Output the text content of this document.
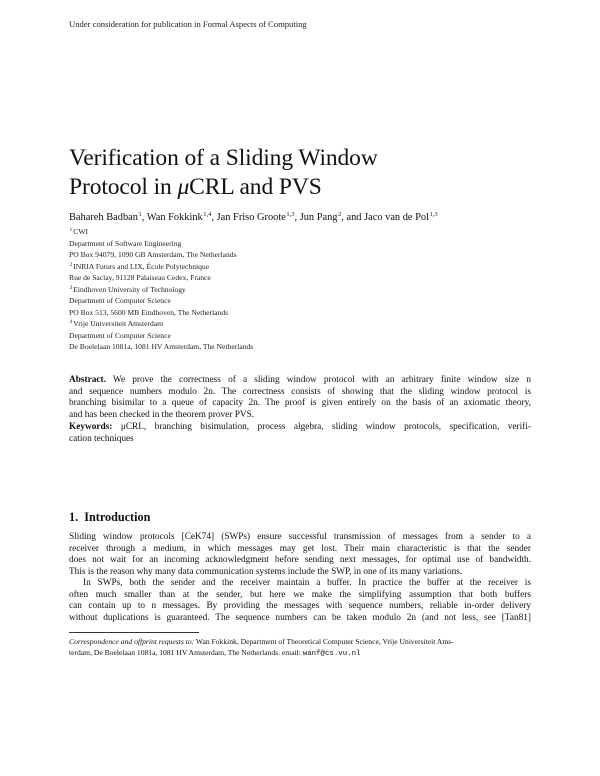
Under consideration for publication in Formal Aspects of Computing
Verification of a Sliding Window
Protocol in μCRL and PVS
Bahareh Badban$^1$, Wan Fokkink$^{1,4}$, Jan Friso Groote$^{1,3}$, Jun Pang$^2$, and Jaco van de Pol$^{1,3}$
$^1$CWI
Department of Software Engineering
PO Box 94079, 1090 GB Amsterdam, The Netherlands
$^2$INRIA Futurs and LIX, École Polytechnique
Rue de Saclay, 91128 Palaiseau Cedex, France
$^3$Eindhoven University of Technology
Department of Computer Science
PO Box 513, 5600 MB Eindhoven, The Netherlands
$^4$Vrije Universiteit Amsterdam
Department of Computer Science
De Boelelaan 1081a, 1081 HV Amsterdam, The Netherlands
Abstract. We prove the correctness of a sliding window protocol with an arbitrary finite window size n
and sequence numbers modulo 2n. The correctness consists of showing that the sliding window protocol is
branching bisimilar to a queue of capacity 2n. The proof is given entirely on the basis of an axiomatic theory,
and has been checked in the theorem prover PVS.
Keywords: μCRL, branching bisimulation, process algebra, sliding window protocols, specification, verifi-
cation techniques
1. Introduction
Sliding window protocols [CeK74] (SWPs) ensure successful transmission of messages from a sender to a
receiver through a medium, in which messages may get lost. Their main characteristic is that the sender
does not wait for an incoming acknowledgment before sending next messages, for optimal use of bandwidth.
This is the reason why many data communication systems include the SWP, in one of its many variations.
In SWPs, both the sender and the receiver maintain a buffer. In practice the buffer at the receiver is
often much smaller than at the sender, but here we make the simplifying assumption that both buffers
can contain up to n messages. By providing the messages with sequence numbers, reliable in-order delivery
without duplications is guaranteed. The sequence numbers can be taken modulo 2n (and not less, see [Tan81]
Correspondence and offprint requests to: Wan Fokkink, Department of Theoretical Computer Science, Vrije Universiteit Ams-
terdam, De Boelelaan 1081a, 1081 HV Amsterdam, The Netherlands. email: wanf@cs.vu.nl
